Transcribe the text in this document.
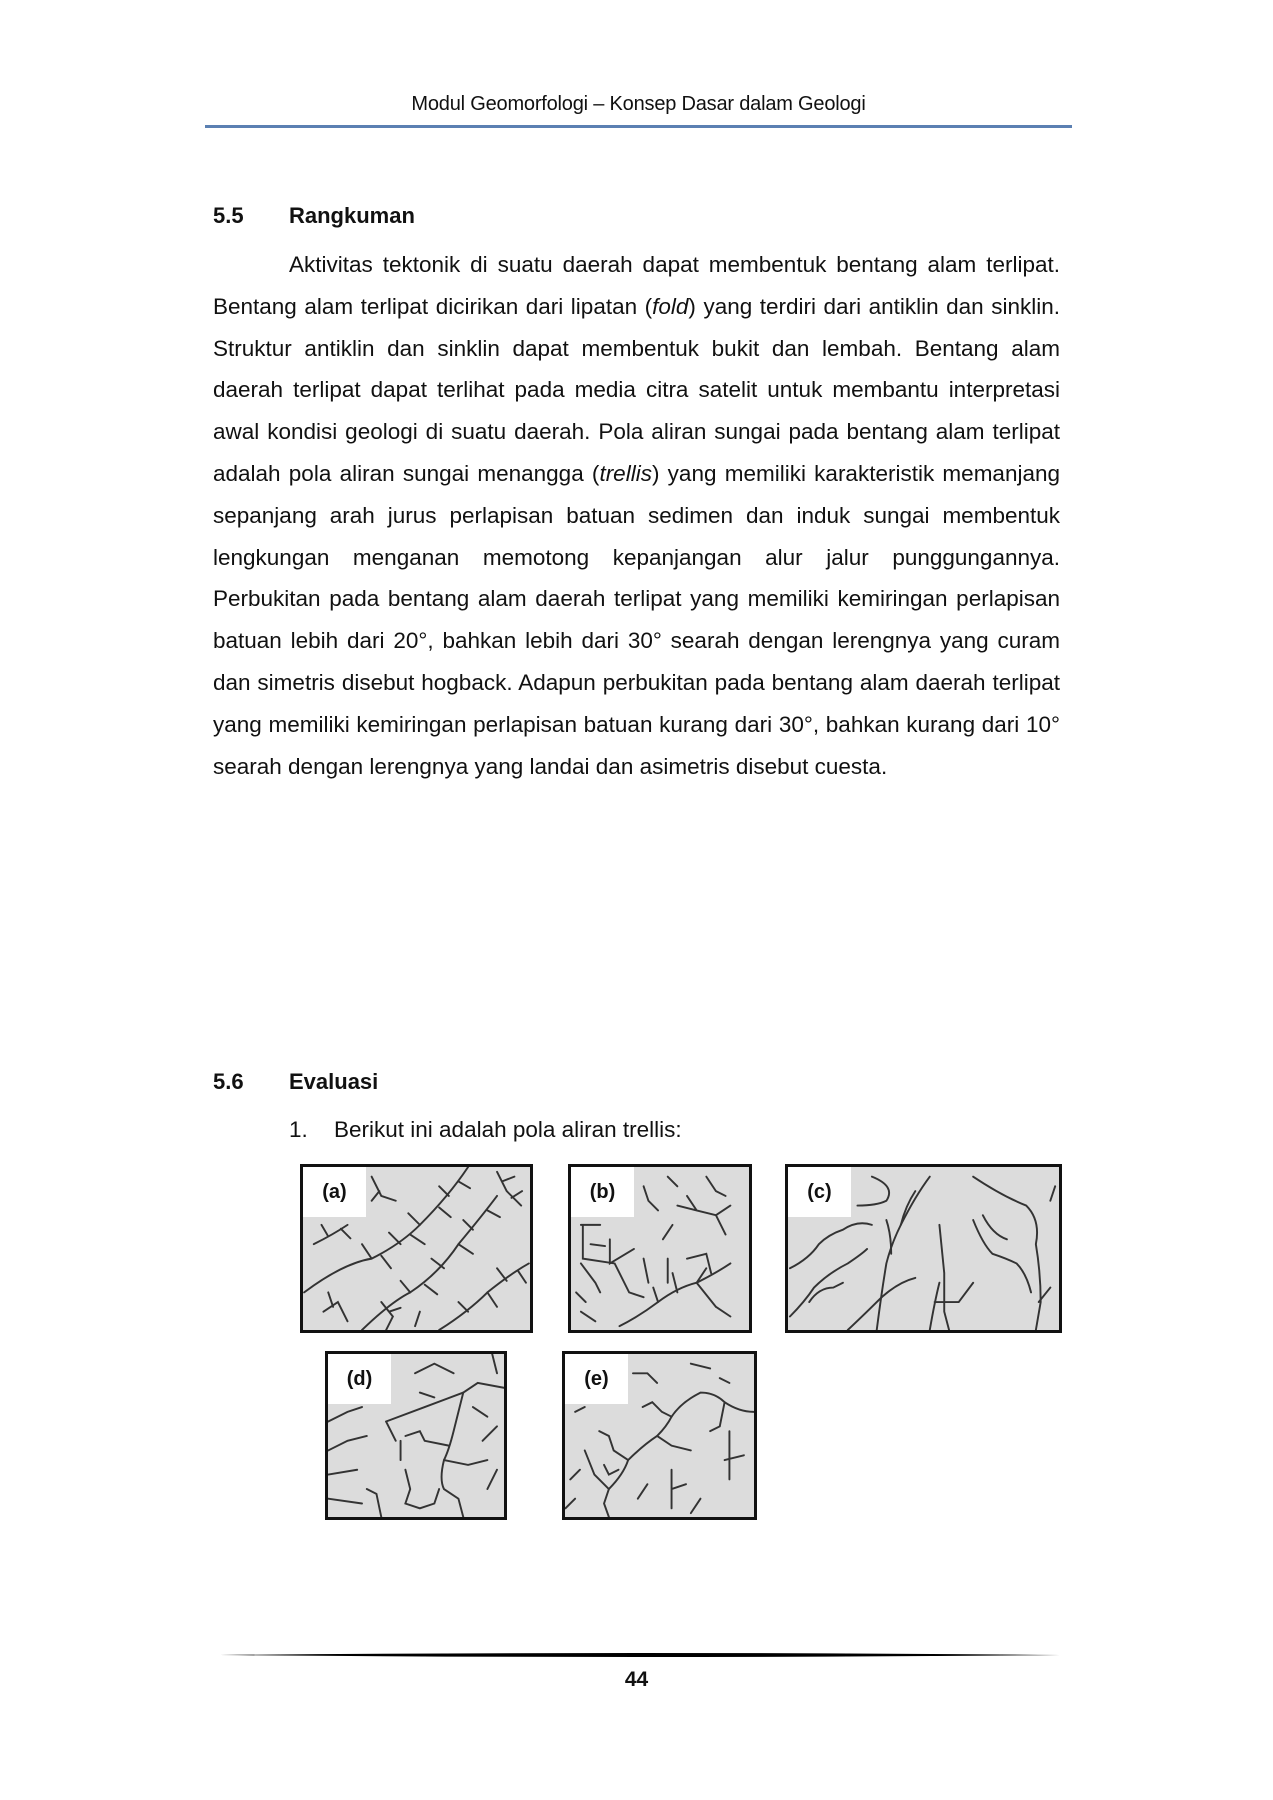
Modul Geomorfologi – Konsep Dasar dalam Geologi
5.5 Rangkuman
Aktivitas tektonik di suatu daerah dapat membentuk bentang alam terlipat. Bentang alam terlipat dicirikan dari lipatan (fold) yang terdiri dari antiklin dan sinklin. Struktur antiklin dan sinklin dapat membentuk bukit dan lembah. Bentang alam daerah terlipat dapat terlihat pada media citra satelit untuk membantu interpretasi awal kondisi geologi di suatu daerah. Pola aliran sungai pada bentang alam terlipat adalah pola aliran sungai menangga (trellis) yang memiliki karakteristik memanjang sepanjang arah jurus perlapisan batuan sedimen dan induk sungai membentuk lengkungan menganan memotong kepanjangan alur jalur punggungannya. Perbukitan pada bentang alam daerah terlipat yang memiliki kemiringan perlapisan batuan lebih dari 20°, bahkan lebih dari 30° searah dengan lerengnya yang curam dan simetris disebut hogback. Adapun perbukitan pada bentang alam daerah terlipat yang memiliki kemiringan perlapisan batuan kurang dari 30°, bahkan kurang dari 10° searah dengan lerengnya yang landai dan asimetris disebut cuesta.
5.6 Evaluasi
1. Berikut ini adalah pola aliran trellis:
(a)	(b)	(c)
(d)	(e)
44
